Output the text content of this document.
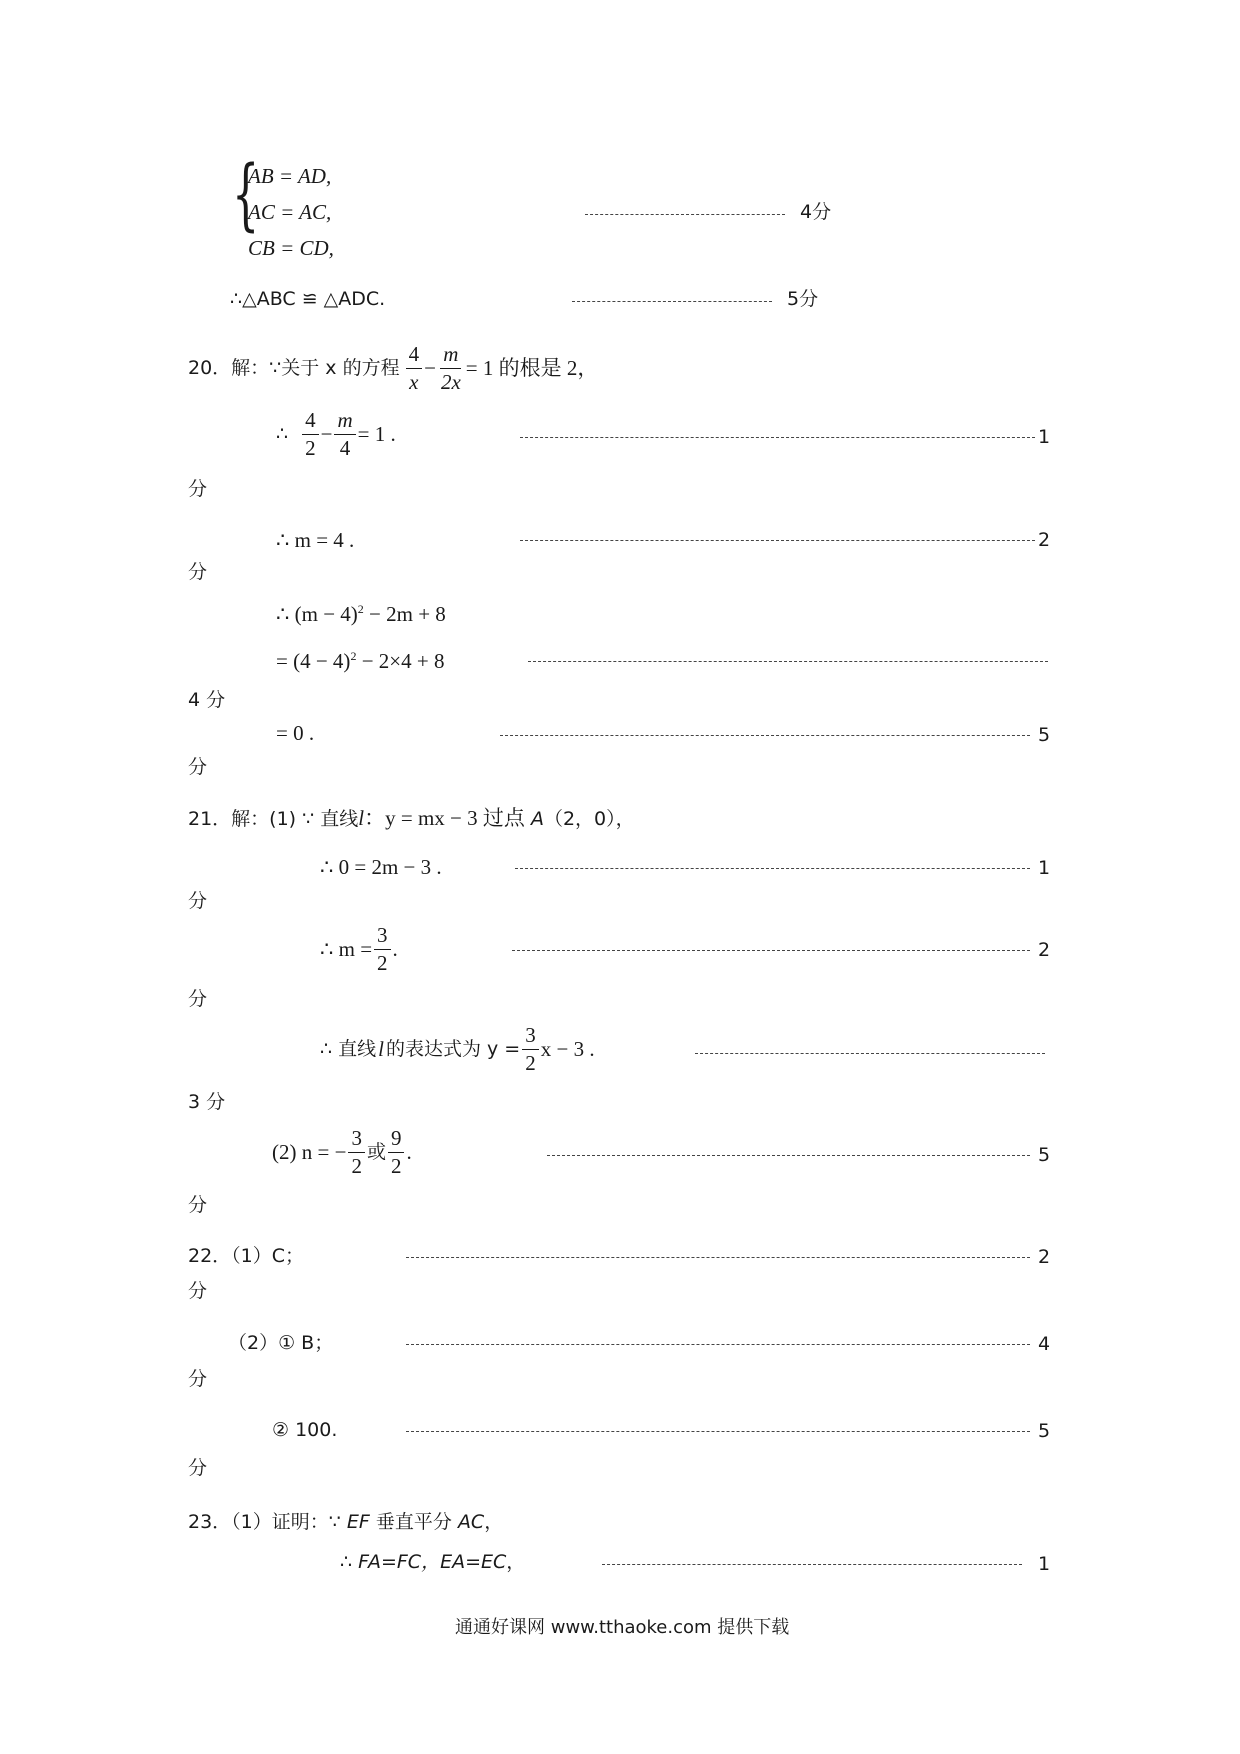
{
AB = AD,
AC = AC,
CB = CD,
4分
∴△ABC ≌ △ADC.	5分
20．解：∵关于 x 的方程 $\frac{4}{x} - \frac{m}{2x} = 1$ 的根是 2，
∴ $\frac{4}{2} - \frac{m}{4} = 1$ .	1
分
∴ m = 4 .	2
分
∴ $(m - 4)^2 - 2m + 8$
= $(4 - 4)^2 - 2\times 4 + 8$
4 分
= 0 .	5
分
21．解：(1) ∵ 直线l：y = mx − 3 过点 A（2，0），
∴ 0 = 2m − 3 .	1
分
∴ $m = \frac{3}{2}$ .	2
分
∴ 直线 l 的表达式为 $y = \frac{3}{2}$ x − 3 .
3 分
(2) n = − $\frac{3}{2}$ 或 $\frac{9}{2}$ .	5
分
22．（1）C；	2
分
（2）① B；	4
分
② 100.	5
分
23．（1）证明：∵ EF 垂直平分 AC，
∴ FA=FC，EA=EC，	1
通通好课网 www.tthaoke.com 提供下载
